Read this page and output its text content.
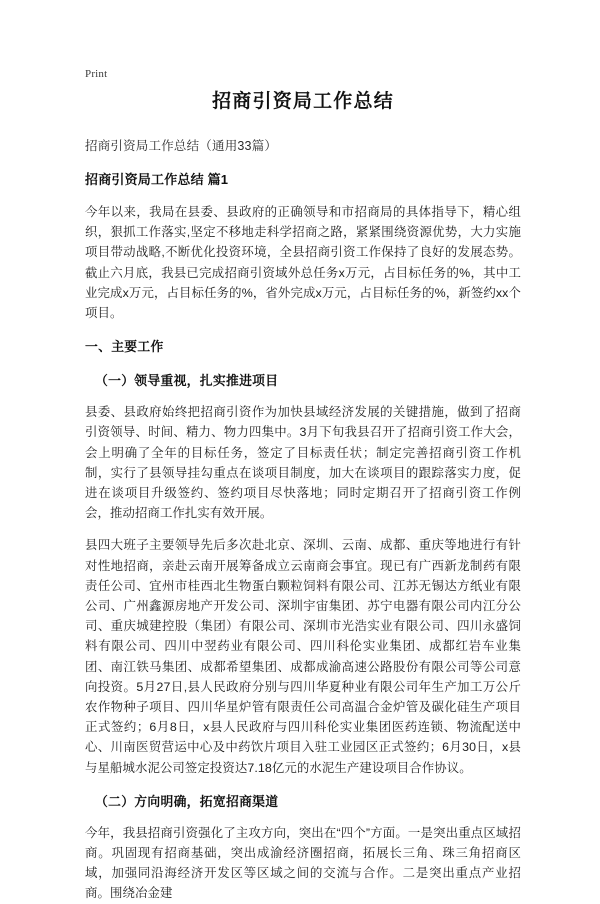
Print
招商引资局工作总结
招商引资局工作总结（通用33篇）
招商引资局工作总结 篇1

今年以来，我局在县委、县政府的正确领导和市招商局的具体指导下，精心组织，狠抓工作落实,坚定不移地走科学招商之路，紧紧围绕资源优势，大力实施项目带动战略,不断优化投资环境，全县招商引资工作保持了良好的发展态势。截止六月底，我县已完成招商引资域外总任务x万元，占目标任务的%，其中工业完成x万元，占目标任务的%，省外完成x万元，占目标任务的%，新签约xx个项目。

一、主要工作
（一）领导重视，扎实推进项目

县委、县政府始终把招商引资作为加快县域经济发展的关键措施，做到了招商引资领导、时间、精力、物力四集中。3月下旬我县召开了招商引资工作大会，会上明确了全年的目标任务，签定了目标责任状；制定完善招商引资工作机制，实行了县领导挂勾重点在谈项目制度，加大在谈项目的跟踪落实力度，促进在谈项目升级签约、签约项目尽快落地；同时定期召开了招商引资工作例会，推动招商工作扎实有效开展。

县四大班子主要领导先后多次赴北京、深圳、云南、成都、重庆等地进行有针对性地招商，亲赴云南开展筹备成立云南商会事宜。现已有广西新龙制药有限责任公司、宜州市桂西北生物蛋白颗粒饲料有限公司、江苏无锡达方纸业有限公司、广州鑫源房地产开发公司、深圳宇宙集团、苏宁电器有限公司内江分公司、重庆城建控股（集团）有限公司、深圳市光浩实业有限公司、四川永盛饲料有限公司、四川中翌药业有限公司、四川科伦实业集团、成都红岩车业集团、南江铁马集团、成都希望集团、成都成渝高速公路股份有限公司等公司意向投资。5月27日,县人民政府分别与四川华夏种业有限公司年生产加工万公斤农作物种子项目、四川华星炉管有限责任公司高温合金炉管及碳化硅生产项目正式签约；6月8日，x县人民政府与四川科伦实业集团医药连锁、物流配送中心、川南医贸营运中心及中药饮片项目入驻工业园区正式签约；6月30日，x县与星船城水泥公司签定投资达7.18亿元的水泥生产建设项目合作协议。

（二）方向明确，拓宽招商渠道

今年，我县招商引资强化了主攻方向，突出在“四个”方面。一是突出重点区域招商。巩固现有招商基础，突出成渝经济圈招商，拓展长三角、珠三角招商区域，加强同沿海经济开发区等区域之间的交流与合作。二是突出重点产业招商。围绕冶金建
